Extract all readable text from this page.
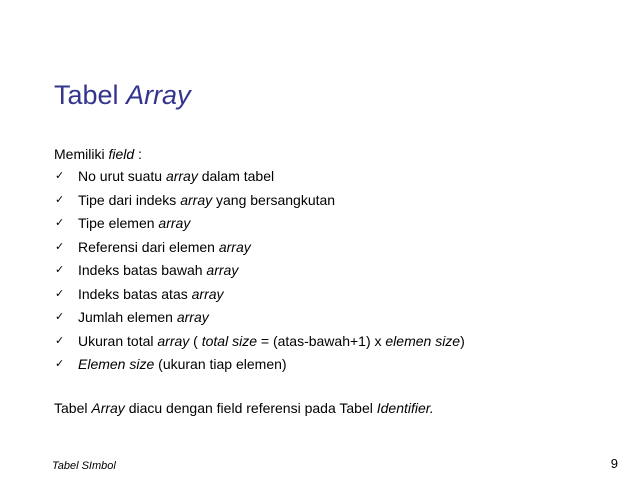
Tabel Array
Memiliki field :
✓ No urut suatu array dalam tabel
✓ Tipe dari indeks array yang bersangkutan
✓ Tipe elemen array
✓ Referensi dari elemen array
✓ Indeks batas bawah array
✓ Indeks batas atas array
✓ Jumlah elemen array
✓ Ukuran total array ( total size = (atas-bawah+1) x elemen size)
✓ Elemen size (ukuran tiap elemen)
Tabel Array diacu dengan field referensi pada Tabel Identifier.
Tabel SImbol	9
